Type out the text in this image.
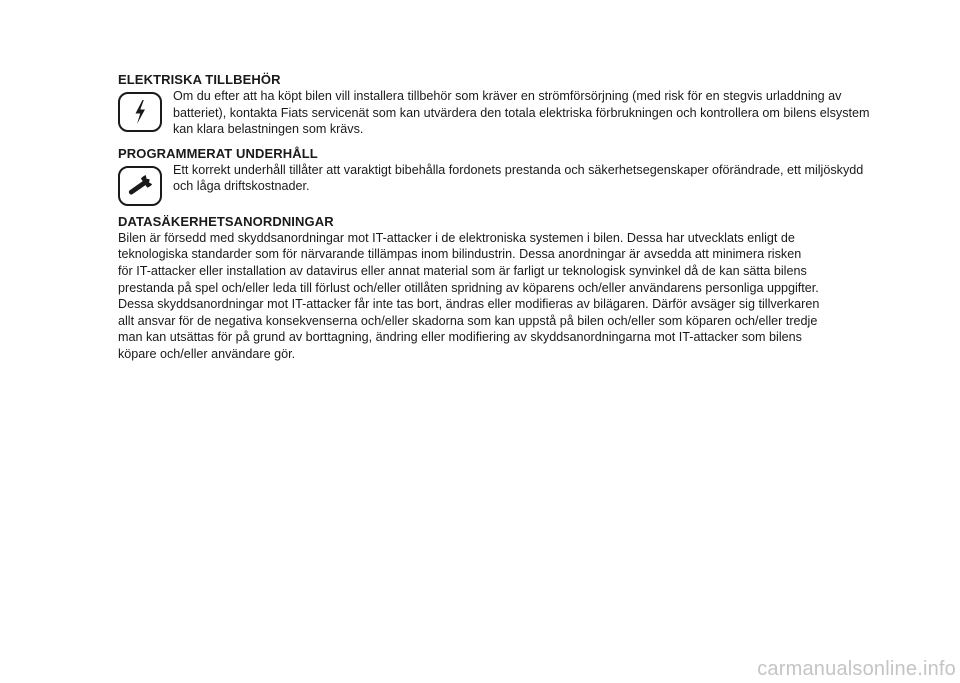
ELEKTRISKA TILLBEHÖR
Om du efter att ha köpt bilen vill installera tillbehör som kräver en strömförsörjning (med risk för en stegvis urladdning av
batteriet), kontakta Fiats servicenät som kan utvärdera den totala elektriska förbrukningen och kontrollera om bilens elsystem
kan klara belastningen som krävs.
PROGRAMMERAT UNDERHÅLL
Ett korrekt underhåll tillåter att varaktigt bibehålla fordonets prestanda och säkerhetsegenskaper oförändrade, ett miljöskydd
och låga driftskostnader.
DATASÄKERHETSANORDNINGAR
Bilen är försedd med skyddsanordningar mot IT-attacker i de elektroniska systemen i bilen. Dessa har utvecklats enligt de
teknologiska standarder som för närvarande tillämpas inom bilindustrin. Dessa anordningar är avsedda att minimera risken
för IT-attacker eller installation av datavirus eller annat material som är farligt ur teknologisk synvinkel då de kan sätta bilens
prestanda på spel och/eller leda till förlust och/eller otillåten spridning av köparens och/eller användarens personliga uppgifter.
Dessa skyddsanordningar mot IT-attacker får inte tas bort, ändras eller modifieras av bilägaren. Därför avsäger sig tillverkaren
allt ansvar för de negativa konsekvenserna och/eller skadorna som kan uppstå på bilen och/eller som köparen och/eller tredje
man kan utsättas för på grund av borttagning, ändring eller modifiering av skyddsanordningarna mot IT-attacker som bilens
köpare och/eller användare gör.
carmanualsonline.info
